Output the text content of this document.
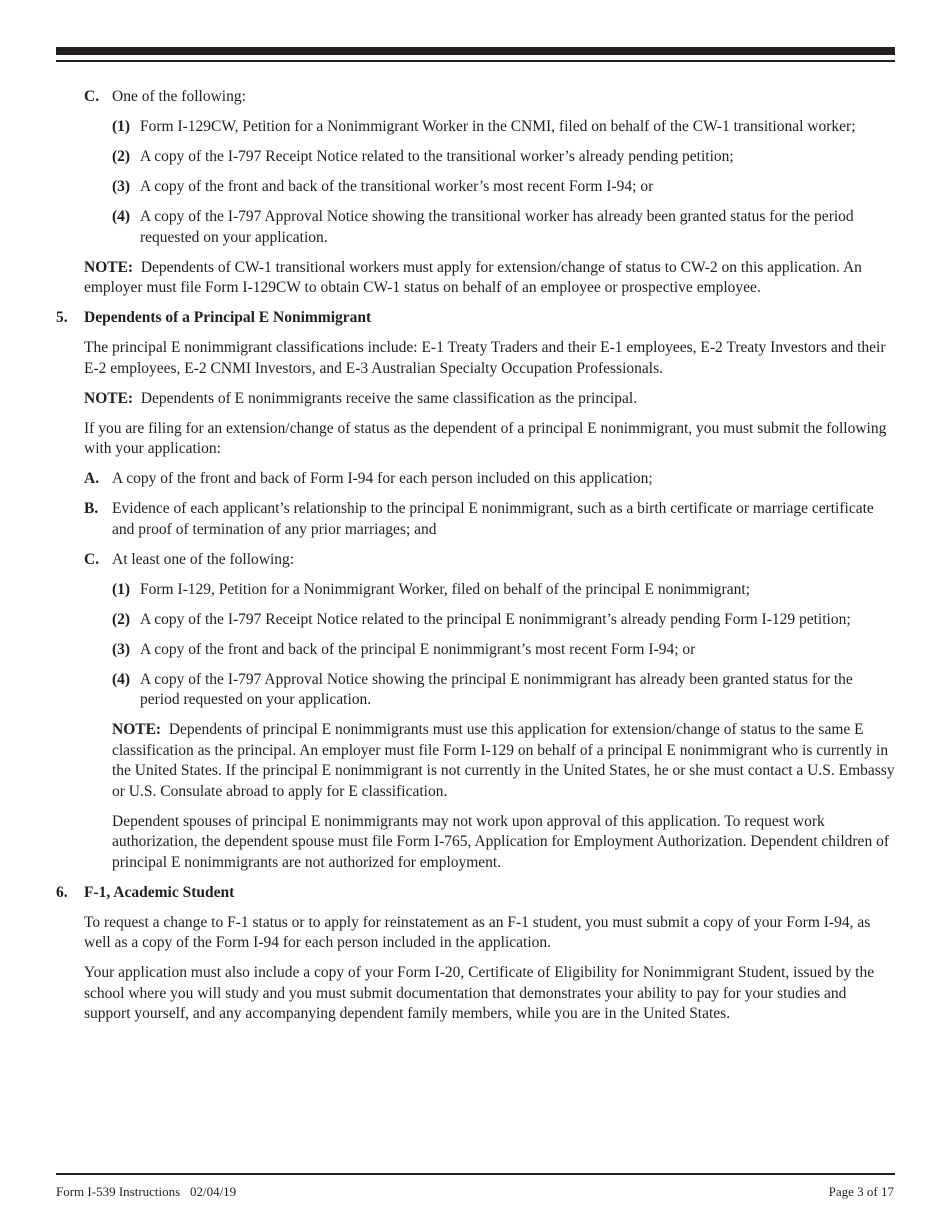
C. One of the following:
(1) Form I-129CW, Petition for a Nonimmigrant Worker in the CNMI, filed on behalf of the CW-1 transitional worker;
(2) A copy of the I-797 Receipt Notice related to the transitional worker’s already pending petition;
(3) A copy of the front and back of the transitional worker’s most recent Form I-94; or
(4) A copy of the I-797 Approval Notice showing the transitional worker has already been granted status for the period requested on your application.
NOTE: Dependents of CW-1 transitional workers must apply for extension/change of status to CW-2 on this application. An employer must file Form I-129CW to obtain CW-1 status on behalf of an employee or prospective employee.
5. Dependents of a Principal E Nonimmigrant
The principal E nonimmigrant classifications include: E-1 Treaty Traders and their E-1 employees, E-2 Treaty Investors and their E-2 employees, E-2 CNMI Investors, and E-3 Australian Specialty Occupation Professionals.
NOTE: Dependents of E nonimmigrants receive the same classification as the principal.
If you are filing for an extension/change of status as the dependent of a principal E nonimmigrant, you must submit the following with your application:
A. A copy of the front and back of Form I-94 for each person included on this application;
B. Evidence of each applicant’s relationship to the principal E nonimmigrant, such as a birth certificate or marriage certificate and proof of termination of any prior marriages; and
C. At least one of the following:
(1) Form I-129, Petition for a Nonimmigrant Worker, filed on behalf of the principal E nonimmigrant;
(2) A copy of the I-797 Receipt Notice related to the principal E nonimmigrant’s already pending Form I-129 petition;
(3) A copy of the front and back of the principal E nonimmigrant’s most recent Form I-94; or
(4) A copy of the I-797 Approval Notice showing the principal E nonimmigrant has already been granted status for the period requested on your application.
NOTE: Dependents of principal E nonimmigrants must use this application for extension/change of status to the same E classification as the principal. An employer must file Form I-129 on behalf of a principal E nonimmigrant who is currently in the United States. If the principal E nonimmigrant is not currently in the United States, he or she must contact a U.S. Embassy or U.S. Consulate abroad to apply for E classification.
Dependent spouses of principal E nonimmigrants may not work upon approval of this application. To request work authorization, the dependent spouse must file Form I-765, Application for Employment Authorization. Dependent children of principal E nonimmigrants are not authorized for employment.
6. F-1, Academic Student
To request a change to F-1 status or to apply for reinstatement as an F-1 student, you must submit a copy of your Form I-94, as well as a copy of the Form I-94 for each person included in the application.
Your application must also include a copy of your Form I-20, Certificate of Eligibility for Nonimmigrant Student, issued by the school where you will study and you must submit documentation that demonstrates your ability to pay for your studies and support yourself, and any accompanying dependent family members, while you are in the United States.
Form I-539 Instructions   02/04/19	Page 3 of 17
